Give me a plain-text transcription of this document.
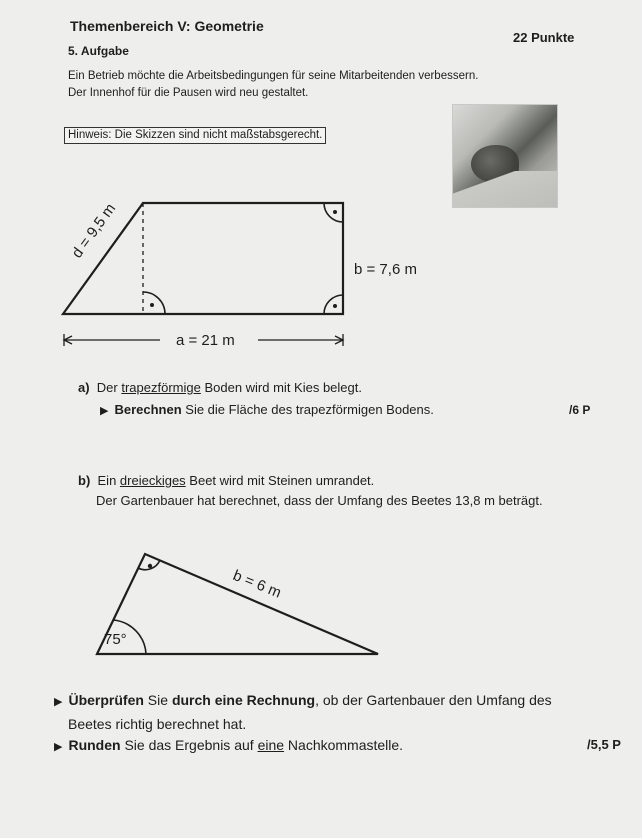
Themenbereich V: Geometrie
22 Punkte
5. Aufgabe
Ein Betrieb möchte die Arbeitsbedingungen für seine Mitarbeitenden verbessern.
Der Innenhof für die Pausen wird neu gestaltet.
Hinweis: Die Skizzen sind nicht maßstabsgerecht.
a = 21 m
b = 7,6 m
d = 9,5 m
75°
b = 6 m
a) Der trapezförmige Boden wird mit Kies belegt.
▶ Berechnen Sie die Fläche des trapezförmigen Bodens.	/6 P
b) Ein dreieckiges Beet wird mit Steinen umrandet.
Der Gartenbauer hat berechnet, dass der Umfang des Beetes 13,8 m beträgt.
▶ Überprüfen Sie durch eine Rechnung, ob der Gartenbauer den Umfang des
Beetes richtig berechnet hat.
▶ Runden Sie das Ergebnis auf eine Nachkommastelle.	/5,5 P
